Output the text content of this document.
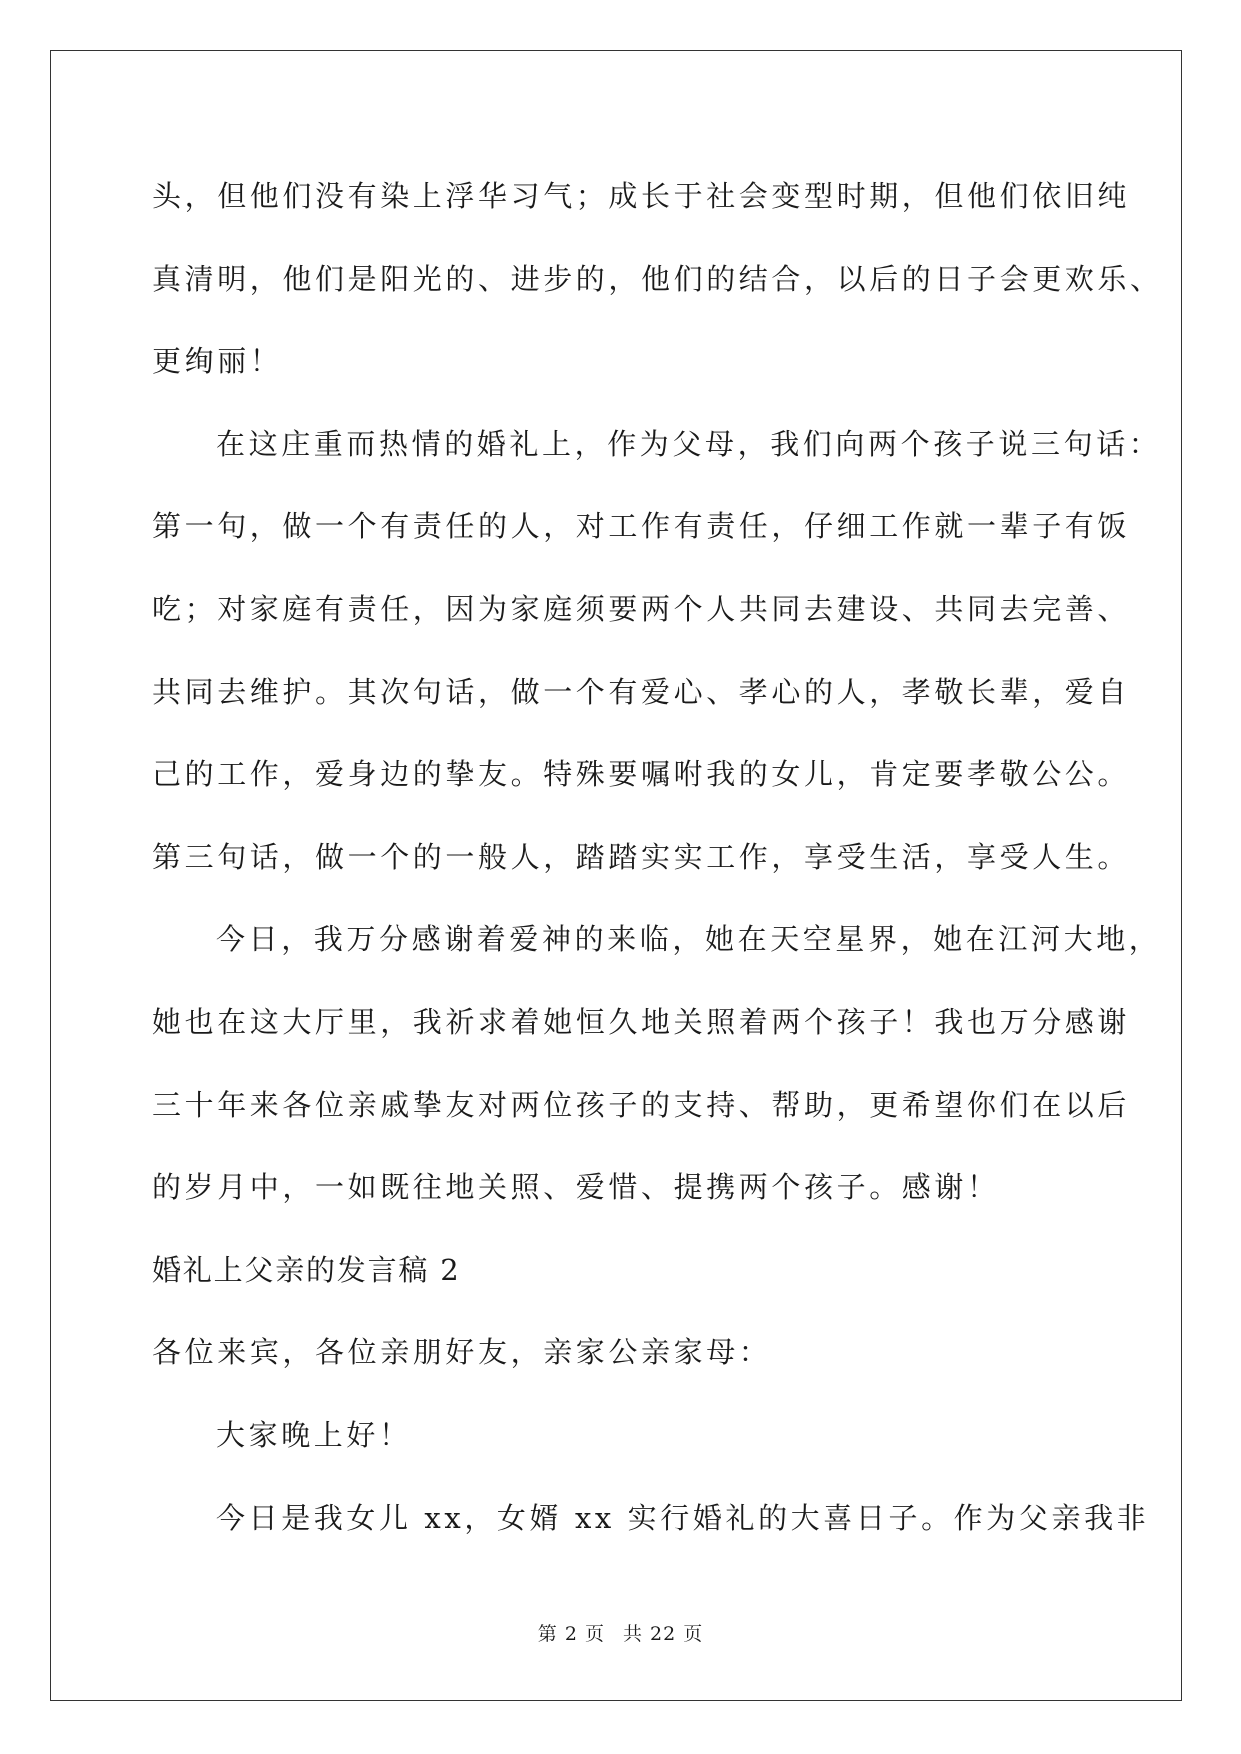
头，但他们没有染上浮华习气；成长于社会变型时期，但他们依旧纯
真清明，他们是阳光的、进步的，他们的结合，以后的日子会更欢乐、
更绚丽！
在这庄重而热情的婚礼上，作为父母，我们向两个孩子说三句话：
第一句，做一个有责任的人，对工作有责任，仔细工作就一辈子有饭
吃；对家庭有责任，因为家庭须要两个人共同去建设、共同去完善、
共同去维护。其次句话，做一个有爱心、孝心的人，孝敬长辈，爱自
己的工作，爱身边的挚友。特殊要嘱咐我的女儿，肯定要孝敬公公。
第三句话，做一个的一般人，踏踏实实工作，享受生活，享受人生。
今日，我万分感谢着爱神的来临，她在天空星界，她在江河大地，
她也在这大厅里，我祈求着她恒久地关照着两个孩子！我也万分感谢
三十年来各位亲戚挚友对两位孩子的支持、帮助，更希望你们在以后
的岁月中，一如既往地关照、爱惜、提携两个孩子。感谢！
婚礼上父亲的发言稿 2
各位来宾，各位亲朋好友，亲家公亲家母：
大家晚上好！
今日是我女儿 xx，女婿 xx 实行婚礼的大喜日子。作为父亲我非
第 2 页 共 22 页
